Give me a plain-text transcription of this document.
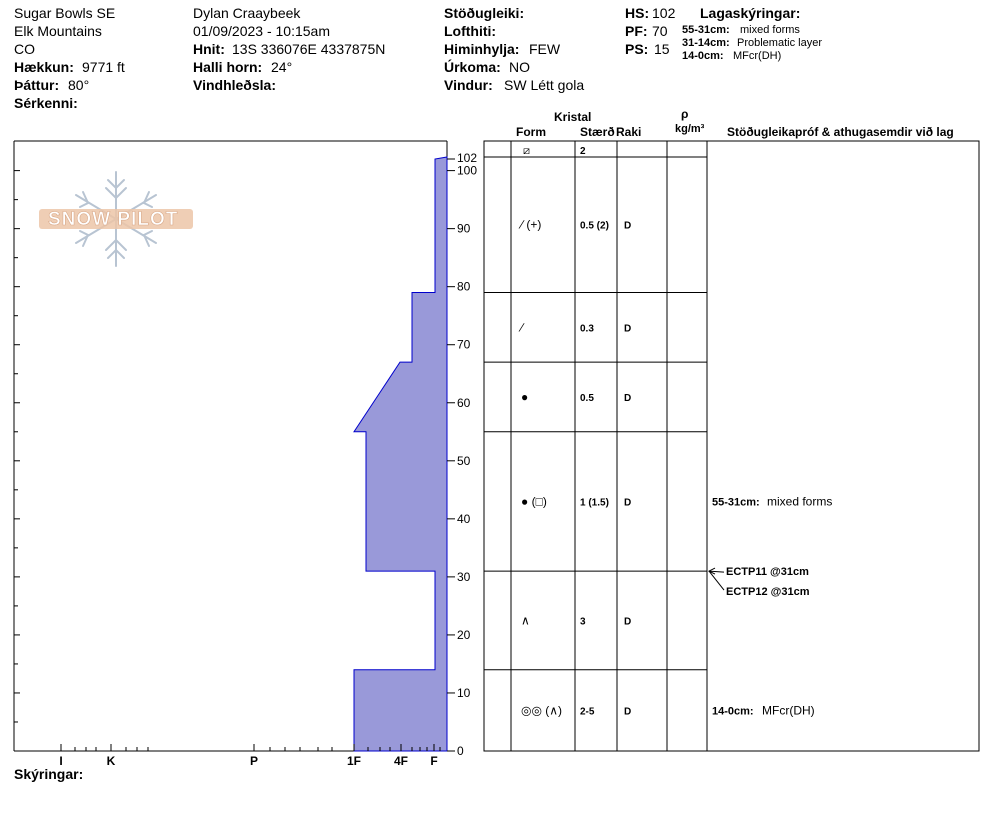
Sugar Bowls SE
Elk Mountains
CO
Hækkun: 9771 ft
Þáttur: 80°
Sérkenni:
Dylan Craaybeek
01/09/2023 - 10:15am
Hnit: 13S 336076E 4337875N
Halli horn: 24°
Vindhleðsla:
Stöðugleiki:
Lofthiti:
Himinhylja: FEW
Úrkoma: NO
Vindur: SW Létt gola
HS: 102
PF: 70
PS: 15
Lagaskýringar:
55-31cm: mixed forms
31-14cm: Problematic layer
14-0cm: MFcr(DH)
SNOW PILOT
0
10
20
30
40
50
60
70
80
90
100
102
I	K	P	1F	4F F
⧄	2
∕ (+)	0.5 (2) D
∕	0.3	D
●	0.5	D
● (□)	1 (1.5) D
∧	3	D
◎◎ (∧) 2-5	D
55-31cm: mixed forms
14-0cm: MFcr(DH)
ECTP11 @31cm
ECTP12 @31cm
Kristal
Form	Stærð Raki
ρ
kg/m³ Stöðugleikapróf & athugasemdir við lag
Skýringar:
